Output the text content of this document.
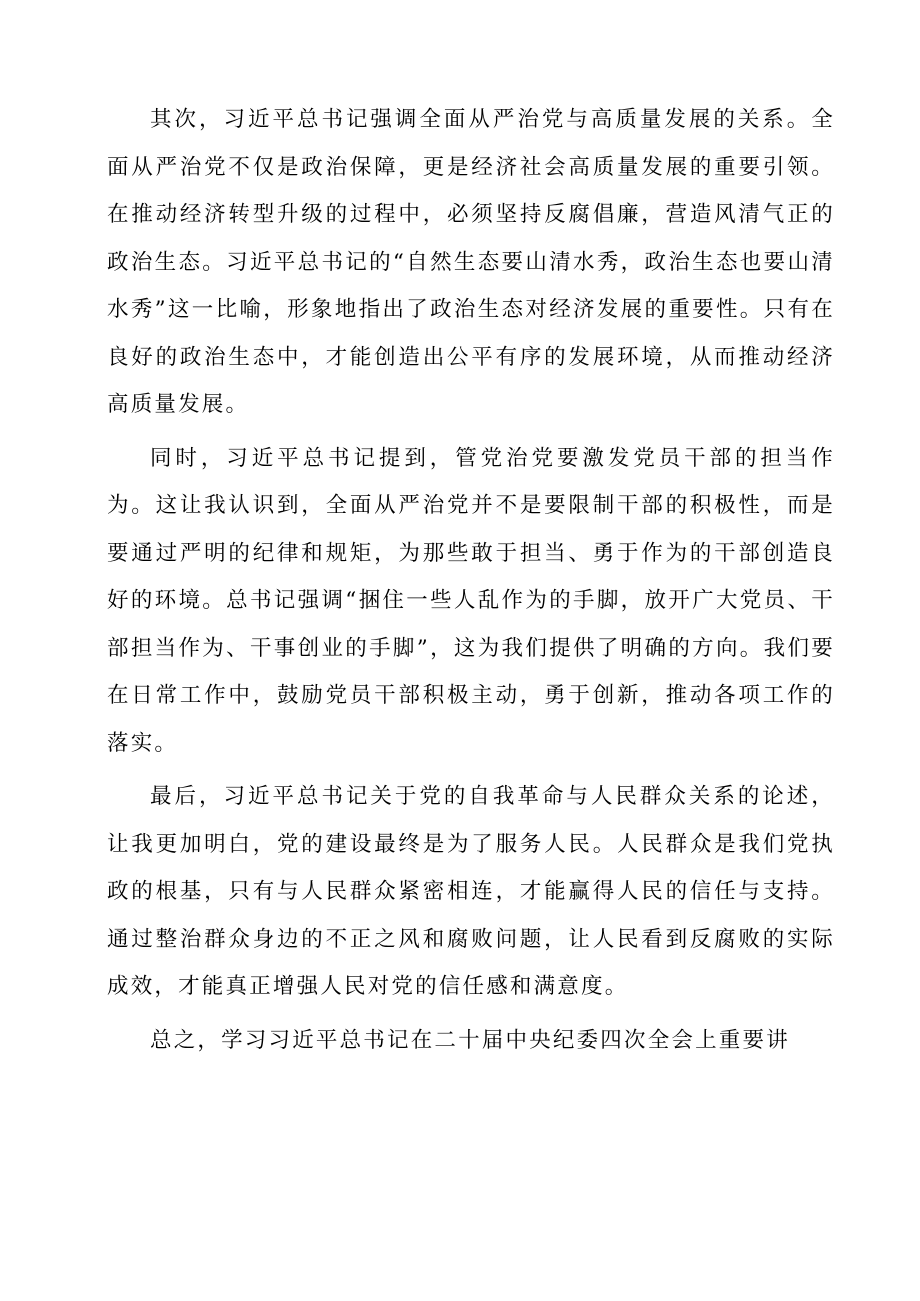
其次，习近平总书记强调全面从严治党与高质量发展的关系。全面从严治党不仅是政治保障，更是经济社会高质量发展的重要引领。在推动经济转型升级的过程中，必须坚持反腐倡廉，营造风清气正的政治生态。习近平总书记的“自然生态要山清水秀，政治生态也要山清水秀”这一比喻，形象地指出了政治生态对经济发展的重要性。只有在良好的政治生态中，才能创造出公平有序的发展环境，从而推动经济高质量发展。

同时，习近平总书记提到，管党治党要激发党员干部的担当作为。这让我认识到，全面从严治党并不是要限制干部的积极性，而是要通过严明的纪律和规矩，为那些敢于担当、勇于作为的干部创造良好的环境。总书记强调“捆住一些人乱作为的手脚，放开广大党员、干部担当作为、干事创业的手脚”，这为我们提供了明确的方向。我们要在日常工作中，鼓励党员干部积极主动，勇于创新，推动各项工作的落实。

最后，习近平总书记关于党的自我革命与人民群众关系的论述，让我更加明白，党的建设最终是为了服务人民。人民群众是我们党执政的根基，只有与人民群众紧密相连，才能赢得人民的信任与支持。通过整治群众身边的不正之风和腐败问题，让人民看到反腐败的实际成效，才能真正增强人民对党的信任感和满意度。

总之，学习习近平总书记在二十届中央纪委四次全会上重要讲
